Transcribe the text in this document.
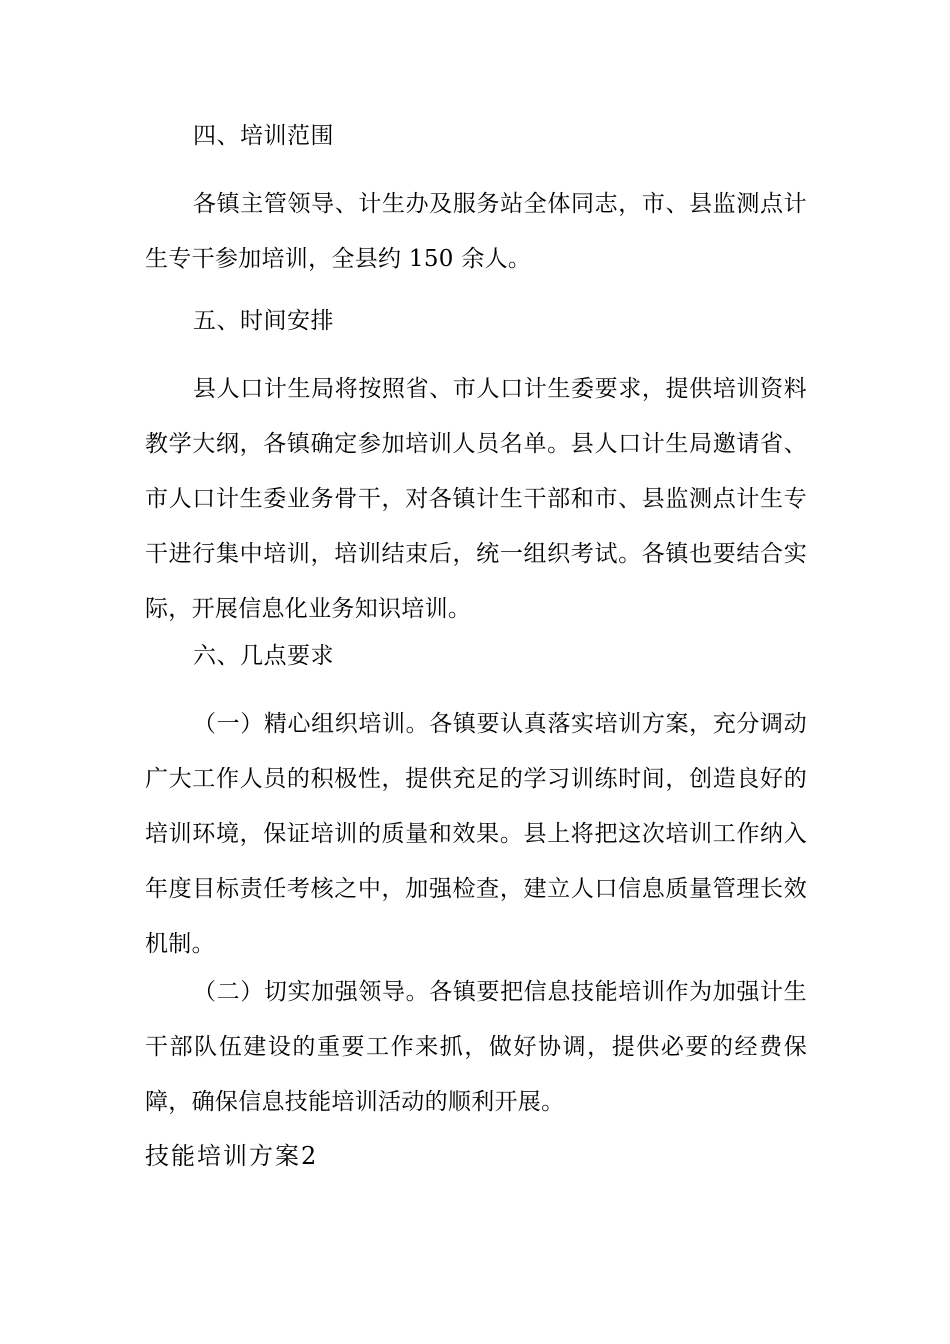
四、培训范围
各镇主管领导、计生办及服务站全体同志，市、县监测点计生专干参加培训，全县约 150 余人。
五、时间安排
县人口计生局将按照省、市人口计生委要求，提供培训资料教学大纲，各镇确定参加培训人员名单。县人口计生局邀请省、市人口计生委业务骨干，对各镇计生干部和市、县监测点计生专干进行集中培训，培训结束后，统一组织考试。各镇也要结合实际，开展信息化业务知识培训。
六、几点要求
（一）精心组织培训。各镇要认真落实培训方案，充分调动广大工作人员的积极性，提供充足的学习训练时间，创造良好的培训环境，保证培训的质量和效果。县上将把这次培训工作纳入年度目标责任考核之中，加强检查，建立人口信息质量管理长效机制。
（二）切实加强领导。各镇要把信息技能培训作为加强计生干部队伍建设的重要工作来抓，做好协调，提供必要的经费保障，确保信息技能培训活动的顺利开展。
技能培训方案2
